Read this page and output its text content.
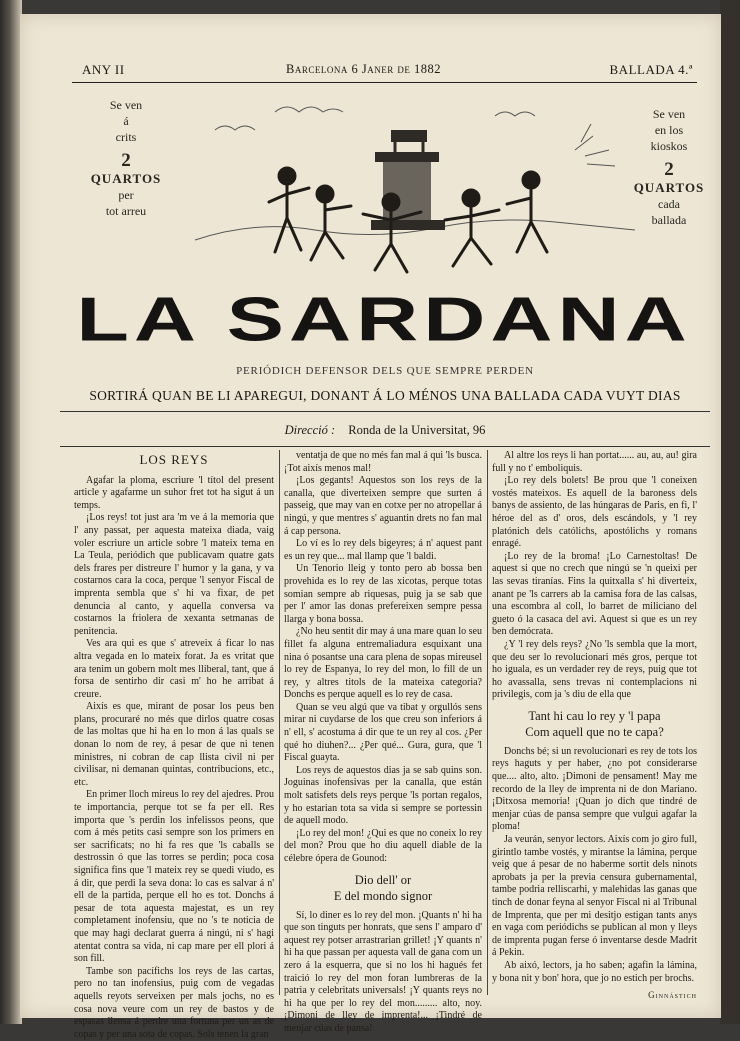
ANY II	Barcelona 6 Janer de 1882	BALLADA 4.ª
Se ven
á
crits
2
QUARTOS
per
tot arreu
Se ven
en los
kioskos
2
QUARTOS
cada
ballada
LA SARDANA
PERIÓDICH DEFENSOR DELS QUE SEMPRE PERDEN
SORTIRÁ QUAN BE LI APAREGUI, DONANT Á LO MÉNOS UNA BALLADA CADA VUYT DIAS
Direcció : Ronda de la Universitat, 96
LOS REYS

Agafar la ploma, escriure 'l títol del present article y agafarme un suhor fret tot ha sigut á un temps.

¡Los reys! tot just ara 'm ve á la memoria que l' any passat, per aquesta mateixa diada, vaig voler escriure un article sobre 'l mateix tema en La Teula, periódich que publicavam quatre gats dels frares per distreure l' humor y la gana, y va costarnos cara la coca, perque 'l senyor Fiscal de imprenta sembla que s' hi va fixar, de pet denuncia al canto, y aquella conversa va costarnos la friolera de xexanta setmanas de penitencia.

Ves ara qui es que s' atreveix á ficar lo nas altra vegada en lo mateix forat. Ja es vritat que ara tenim un gobern molt mes lliberal, tant, que á forsa de sentirho dir casi m' ho he arribat á creure.

Aixís es que, mirant de posar los peus ben plans, procuraré no més que dirlos quatre cosas de las moltas que hi ha en lo mon á las quals se donan lo nom de rey, á pesar de que ni tenen ministres, ni cobran de cap llista civil ni per civilisar, ni demanan quintas, contribucions, etc., etc.

En primer lloch mireus lo rey del ajedres. Prou te importancia, perque tot se fa per ell. Res importa que 's perdin los infelissos peons, que com á més petits casi sempre son los primers en ser sacrificats; no hi fa res que 'ls caballs se destrossin ó que las torres se perdin; poca cosa significa fins que 'l mateix rey se quedi viudo, es á dir, que perdi la seva dona: lo cas es salvar á n' ell de la partida, perque ell ho es tot. Donchs á pesar de tota aquesta majestat, es un rey completament inofensiu, que no 's te noticia de que may hagi declarat guerra á ningú, ni s' hagi atentat contra sa vida, ni cap mare per ell plori á son fill.

Tambe son pacífichs los reys de las cartas, pero no tan inofensius, puig com de vegadas aquells reyots serveixen per mals jochs, no es cosa nova veure com un rey de bastos y de espasas llensa á perdre una fortuna per un as de copas y per una sota de copas. Sols tenen la gran

ventatja de que no més fan mal á qui 'ls busca. ¡Tot aixís menos mal!

¡Los gegants! Aquestos son los reys de la canalla, que diverteixen sempre que surten á passeig, que may van en cotxe per no atropellar á ningú, y que mentres s' aguantin drets no fan mal á cap persona.

Lo ví es lo rey dels bigeyres; á n' aquest pant es un rey que... mal llamp que 'l baldi.

Un Tenorio lleig y tonto pero ab bossa ben provehida es lo rey de las xicotas, perque totas somian sempre ab riquesas, puig ja se sab que per l' amor las donas prefereixen sempre pessa llarga y bona bossa.

¿No heu sentit dir may á una mare quan lo seu fillet fa alguna entremaliadura esquixant una nina ó posantse una cara plena de sopas mireusel lo rey de Espanya, lo rey del mon, lo fill de un rey, y altres titols de la mateixa categoria? Donchs es perque aquell es lo rey de casa.

Quan se veu algú que va tibat y orgullós sens mirar ni cuydarse de los que creu son inferiors á n' ell, s' acostuma á dir que te un rey al cos. ¿Per qué ho diuhen?... ¿Per qué... Gura, gura, que 'l Fiscal guayta.

Los reys de aquestos dias ja se sab quins son. Joguinas inofensivas per la canalla, que están molt satisfets dels reys perque 'ls portan regalos, y ho estarian tota sa vida si sempre se portessin de aquell modo.

¡Lo rey del mon! ¿Qui es que no coneix lo rey del mon? Prou que ho diu aquell diable de la célebre ópera de Gounod:

Dio dell' or
E del mondo signor

Sí, lo diner es lo rey del mon. ¡Quants n' hi ha que son tinguts per honrats, que sens l' amparo d' aquest rey potser arrastrarian grillet! ¡Y quants n' hi ha que passan per aquesta vall de gana com un zero á la esquerra, que si no los hi hagués fet traició lo rey del mon foran lumbreras de la patria y celebritats universals! ¡Y quants reys no hi ha que per lo rey del mon......... alto, noy. ¡Dimoni de lley de imprenta!... ¡Tindré de menjar cúas de pansa!

Al altre los reys li han portat...... au, au, au! gira full y no t' emboliquis.

¡Lo rey dels bolets! Be prou que 'l coneixen vostés mateixos. Es aquell de la baroness dels banys de assiento, de las húngaras de Paris, en fi, l' héroe del as d' oros, dels escándols, y 'l rey platónich dels católichs, apostólichs y romans enragé.

¡Lo rey de la broma! ¡Lo Carnestoltas! De aquest si que no crech que ningú se 'n queixi per las sevas tiranías. Fins la quitxalla s' hi diverteix, anant pe 'ls carrers ab la camisa fora de las calsas, una escombra al coll, lo barret de miliciano del gueto ó la casaca del avi. Aquest si que es un rey ben demócrata.

¿Y 'l rey dels reys? ¿No 'ls sembla que la mort, que deu ser lo revolucionari més gros, perque tot ho iguala, es un verdader rey de reys, puig que tot ho avassalla, sens trevas ni contemplacions ni privilegis, com ja 's diu de ella que

Tant hi cau lo rey y 'l papa
Com aquell que no te capa?

Donchs bé; si un revolucionari es rey de tots los reys haguts y per haber, ¿no pot considerarse que.... alto, alto. ¡Dimoni de pensament! May me recordo de la lley de imprenta ni de don Mariano. ¡Ditxosa memoria! ¡Quan jo dich que tindré de menjar cúas de pansa sempre que vulgui agafar la ploma!

Ja veurán, senyor lectors. Aixís com jo giro full, girintlo tambe vostés, y mirantse la lámina, perque veig que á pesar de no haberme sortit dels ninots aprobats ja per la previa censura gubernamental, tambe podria relliscarhi, y malehidas las ganas que tinch de donar feyna al senyor Fiscal ni al Tribunal de Imprenta, que per mi desitjo estigan tants anys en vaga com periódichs se publican al mon y lleys de imprenta pugan ferse ó inventarse desde Madrit á Pekin.

Ab aixó, lectors, ja ho saben; agafin la lámina, y bona nit y bon' hora, que jo no estich per brochs.

Ginnástich
